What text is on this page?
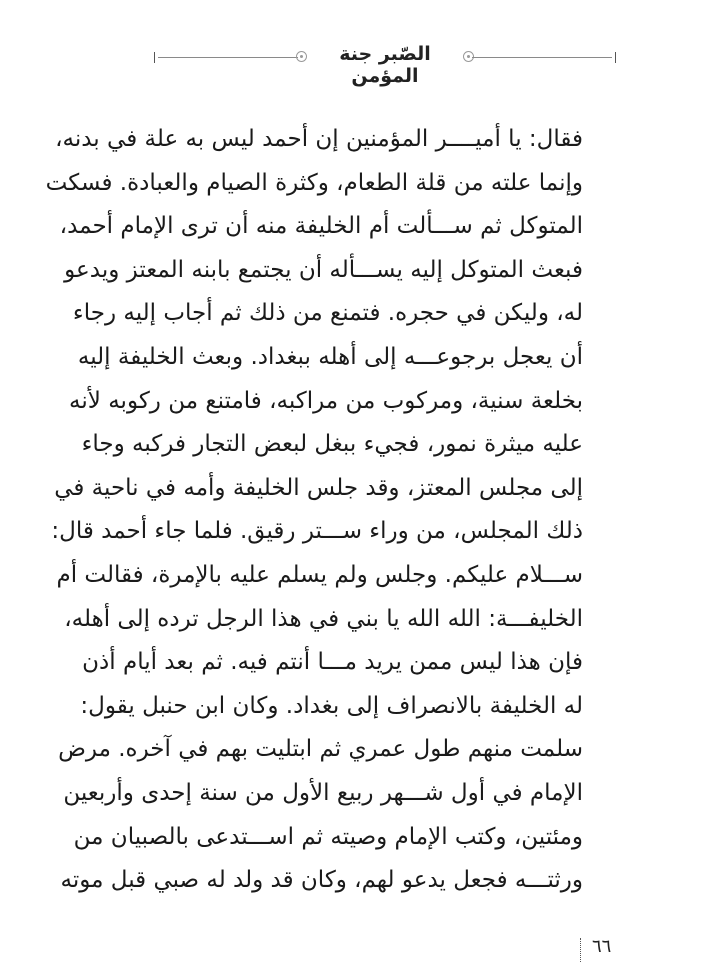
الصّبر جنة المؤمن
فقال: يا أميــــر المؤمنين إن أحمد ليس به علة في بدنه،
وإنما علته من قلة الطعام، وكثرة الصيام والعبادة. فسكت
المتوكل ثم ســـألت أم الخليفة منه أن ترى الإمام أحمد،
فبعث المتوكل إليه يســـأله أن يجتمع بابنه المعتز ويدعو
له، وليكن في حجره. فتمنع من ذلك ثم أجاب إليه رجاء
أن يعجل برجوعـــه إلى أهله ببغداد. وبعث الخليفة إليه
بخلعة سنية، ومركوب من مراكبه، فامتنع من ركوبه لأنه
عليه ميثرة نمور، فجيء ببغل لبعض التجار فركبه وجاء
إلى مجلس المعتز، وقد جلس الخليفة وأمه في ناحية في
ذلك المجلس، من وراء ســـتر رقيق. فلما جاء أحمد قال:
ســـلام عليكم. وجلس ولم يسلم عليه بالإمرة، فقالت أم
الخليفـــة: الله الله يا بني في هذا الرجل ترده إلى أهله،
فإن هذا ليس ممن يريد مـــا أنتم فيه. ثم بعد أيام أذن
له الخليفة بالانصراف إلى بغداد. وكان ابن حنبل يقول:
سلمت منهم طول عمري ثم ابتليت بهم في آخره. مرض
الإمام في أول شـــهر ربيع الأول من سنة إحدى وأربعين
ومئتين، وكتب الإمام وصيته ثم اســـتدعى بالصبيان من
ورثتـــه فجعل يدعو لهم، وكان قد ولد له صبي قبل موته
٦٦
